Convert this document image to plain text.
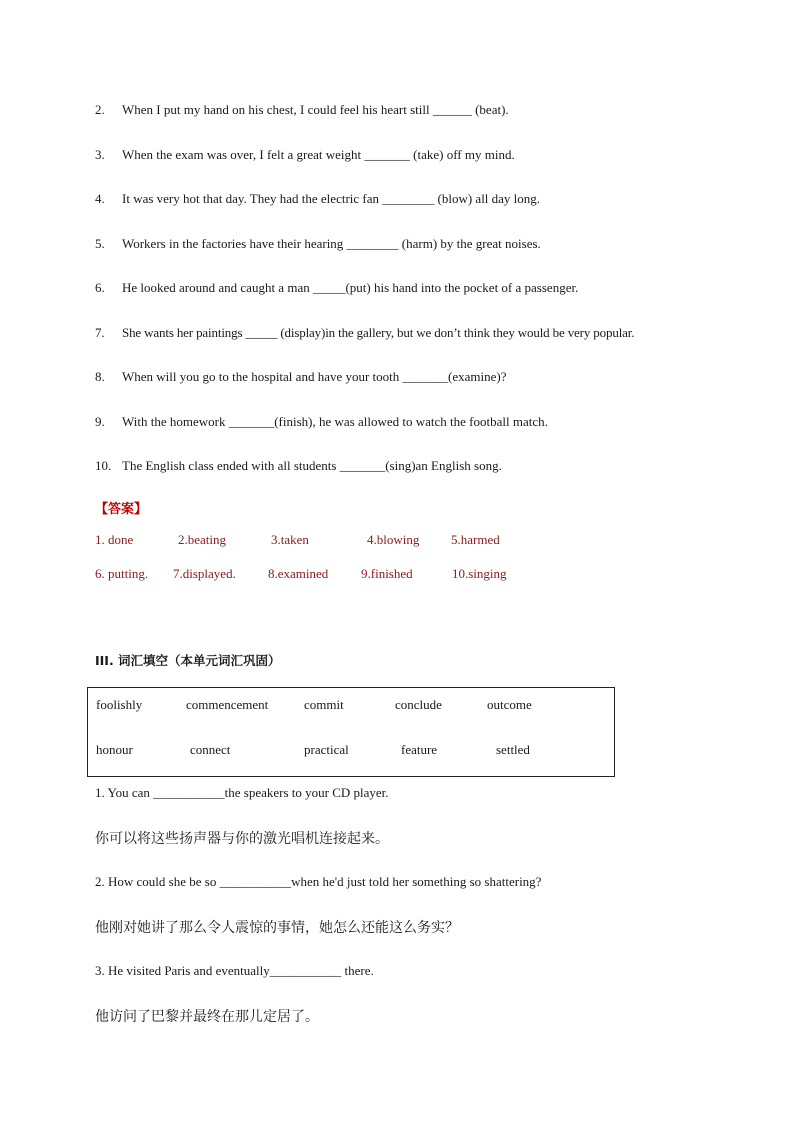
2. When I put my hand on his chest, I could feel his heart still ______ (beat).
3. When the exam was over, I felt a great weight _______ (take) off my mind.
4. It was very hot that day. They had the electric fan ________ (blow) all day long.
5. Workers in the factories have their hearing ________ (harm) by the great noises.
6. He looked around and caught a man _____(put) his hand into the pocket of a passenger.
7. She wants her paintings _____ (display)in the gallery, but we don’t think they would be very popular.
8. When will you go to the hospital and have your tooth _______(examine)?
9. With the homework _______(finish), he was allowed to watch the football match.
10. The English class ended with all students _______(sing)an English song.
【答案】
1. done	2.beating	3.taken	4.blowing 5.harmed
6. putting. 7.displayed. 8.examined	9.finished	10.singing
III. 词汇填空（本单元词汇巩固）
foolishly	commencement	commit	conclude	outcome
honour	connect	practical	feature	settled
1. You can ___________the speakers to your CD player.
你可以将这些扬声器与你的激光唱机连接起来。
2. How could she be so ___________when he'd just told her something so shattering?
他刚对她讲了那么令人震惊的事情，她怎么还能这么务实？
3. He visited Paris and eventually___________ there.
他访问了巴黎并最终在那儿定居了。
